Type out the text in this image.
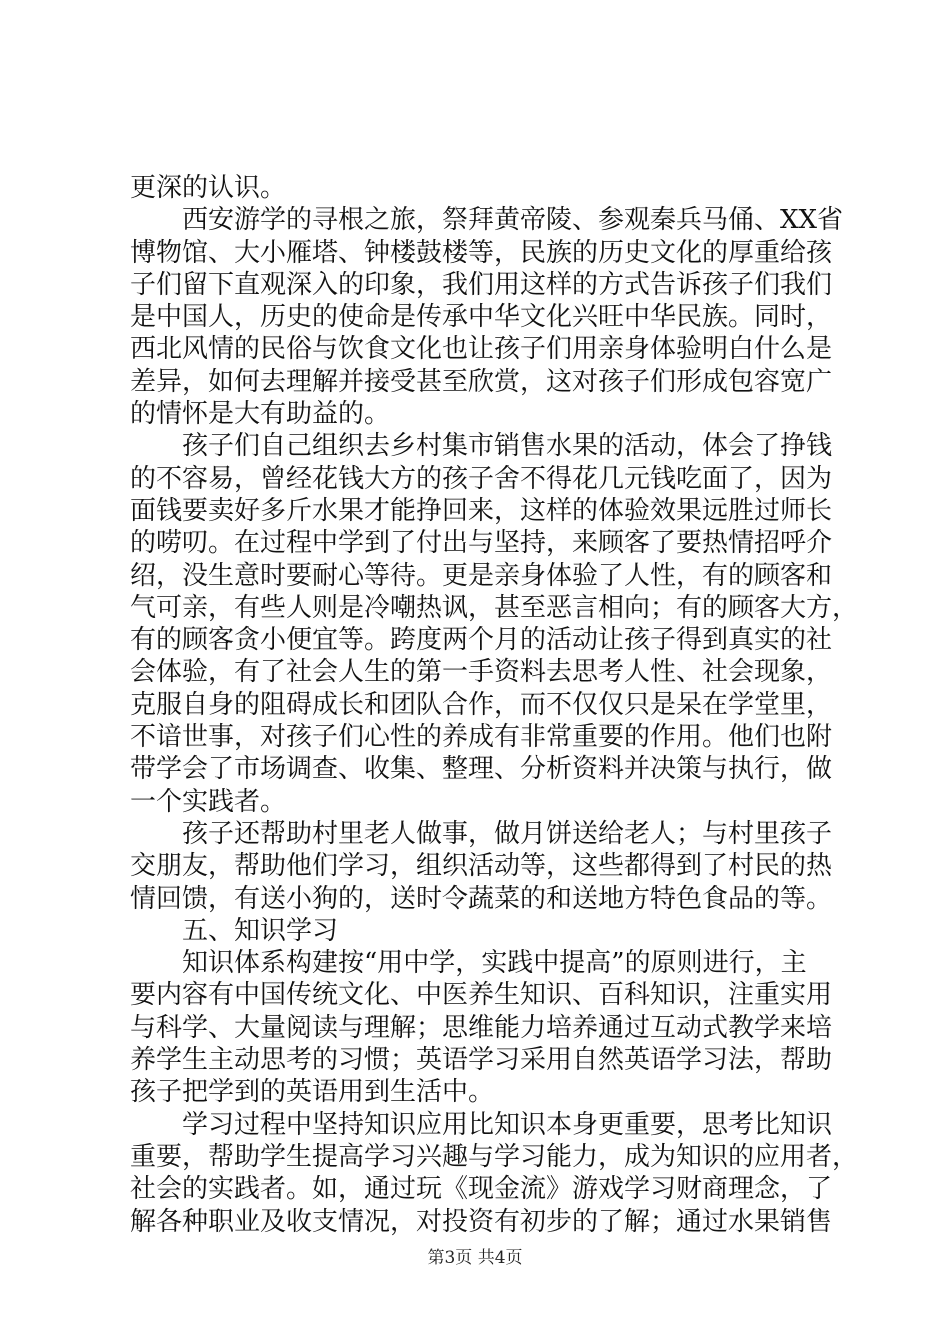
更深的认识。
西安游学的寻根之旅，祭拜黄帝陵、参观秦兵马俑、XX省
博物馆、大小雁塔、钟楼鼓楼等，民族的历史文化的厚重给孩
子们留下直观深入的印象，我们用这样的方式告诉孩子们我们
是中国人，历史的使命是传承中华文化兴旺中华民族。同时，
西北风情的民俗与饮食文化也让孩子们用亲身体验明白什么是
差异，如何去理解并接受甚至欣赏，这对孩子们形成包容宽广
的情怀是大有助益的。
孩子们自己组织去乡村集市销售水果的活动，体会了挣钱
的不容易，曾经花钱大方的孩子舍不得花几元钱吃面了，因为
面钱要卖好多斤水果才能挣回来，这样的体验效果远胜过师长
的唠叨。在过程中学到了付出与坚持，来顾客了要热情招呼介
绍，没生意时要耐心等待。更是亲身体验了人性，有的顾客和
气可亲，有些人则是冷嘲热讽，甚至恶言相向；有的顾客大方，
有的顾客贪小便宜等。跨度两个月的活动让孩子得到真实的社
会体验，有了社会人生的第一手资料去思考人性、社会现象，
克服自身的阻碍成长和团队合作，而不仅仅只是呆在学堂里，
不谙世事，对孩子们心性的养成有非常重要的作用。他们也附
带学会了市场调查、收集、整理、分析资料并决策与执行，做
一个实践者。
孩子还帮助村里老人做事，做月饼送给老人；与村里孩子
交朋友，帮助他们学习，组织活动等，这些都得到了村民的热
情回馈，有送小狗的，送时令蔬菜的和送地方特色食品的等。
五、知识学习
知识体系构建按“用中学，实践中提高”的原则进行，主
要内容有中国传统文化、中医养生知识、百科知识，注重实用
与科学、大量阅读与理解；思维能力培养通过互动式教学来培
养学生主动思考的习惯；英语学习采用自然英语学习法，帮助
孩子把学到的英语用到生活中。
学习过程中坚持知识应用比知识本身更重要，思考比知识
重要，帮助学生提高学习兴趣与学习能力，成为知识的应用者，
社会的实践者。如，通过玩《现金流》游戏学习财商理念，了
解各种职业及收支情况，对投资有初步的了解；通过水果销售
第3页 共4页
